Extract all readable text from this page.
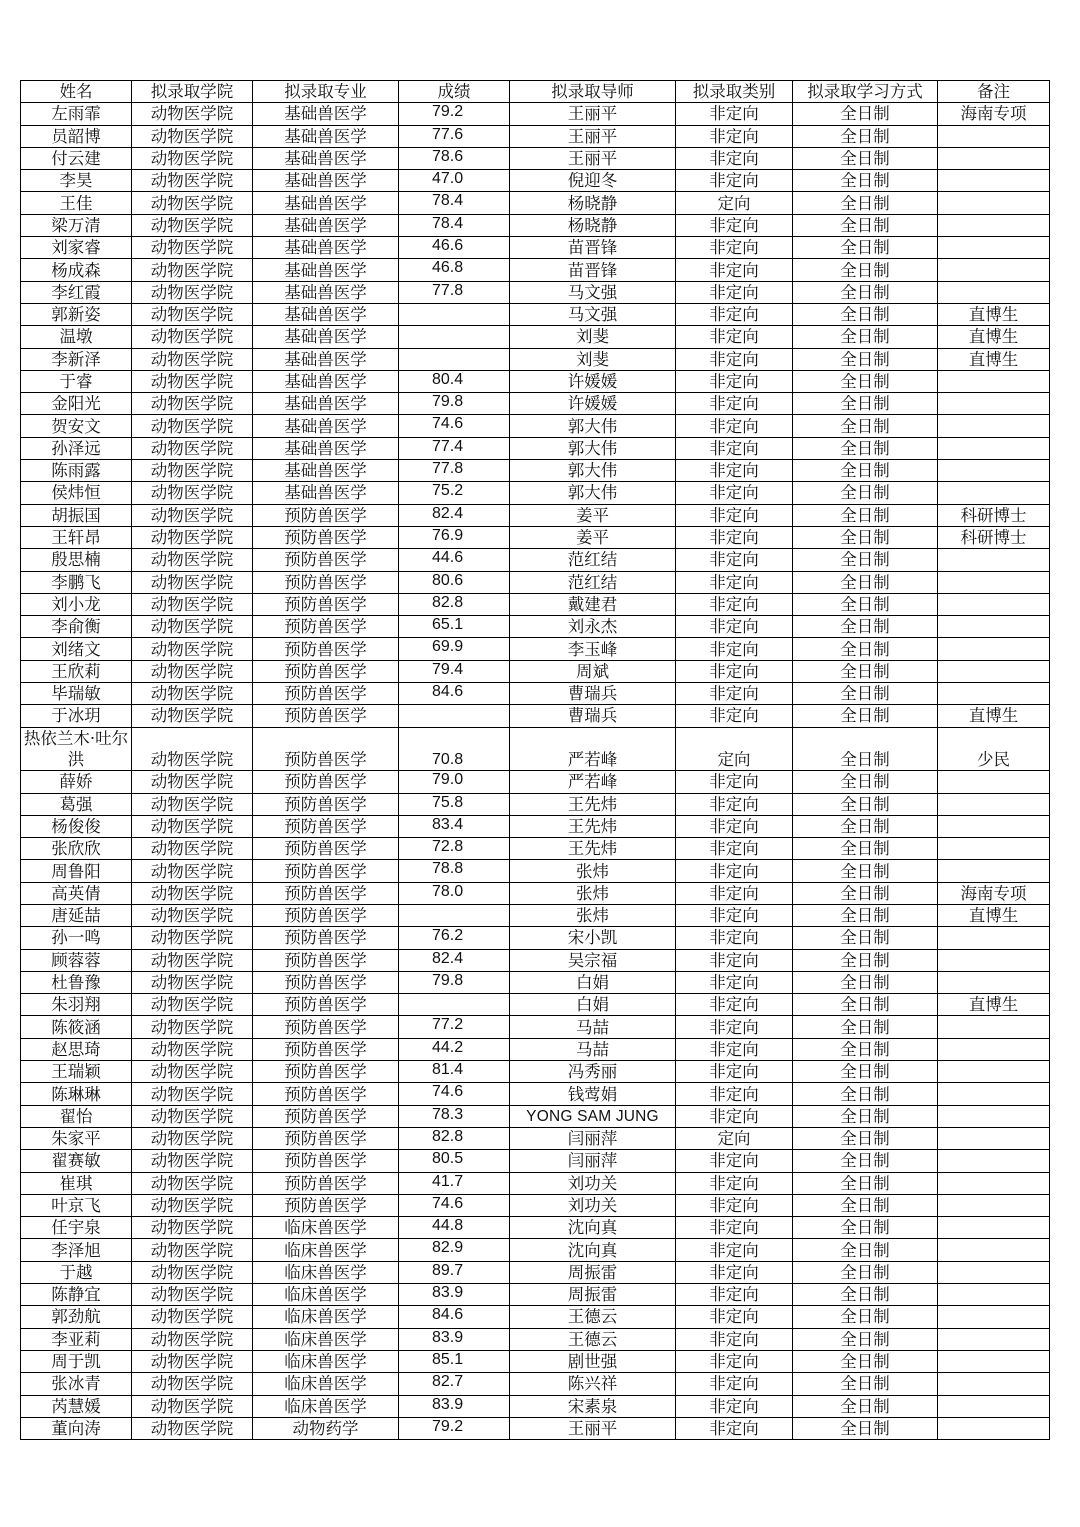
姓名	拟录取学院	拟录取专业	成绩	拟录取导师	拟录取类别	拟录取学习方式	备注
左雨霏	动物医学院	基础兽医学	79.2	王丽平	非定向	全日制	海南专项
员韶博	动物医学院	基础兽医学	77.6	王丽平	非定向	全日制	
付云建	动物医学院	基础兽医学	78.6	王丽平	非定向	全日制	
李昊	动物医学院	基础兽医学	47.0	倪迎冬	非定向	全日制	
王佳	动物医学院	基础兽医学	78.4	杨晓静	定向	全日制	
梁万清	动物医学院	基础兽医学	78.4	杨晓静	非定向	全日制	
刘家睿	动物医学院	基础兽医学	46.6	苗晋锋	非定向	全日制	
杨成森	动物医学院	基础兽医学	46.8	苗晋锋	非定向	全日制	
李红霞	动物医学院	基础兽医学	77.8	马文强	非定向	全日制	
郭新姿	动物医学院	基础兽医学		马文强	非定向	全日制	直博生
温墩	动物医学院	基础兽医学		刘斐	非定向	全日制	直博生
李新泽	动物医学院	基础兽医学		刘斐	非定向	全日制	直博生
于睿	动物医学院	基础兽医学	80.4	许媛媛	非定向	全日制	
金阳光	动物医学院	基础兽医学	79.8	许媛媛	非定向	全日制	
贺安文	动物医学院	基础兽医学	74.6	郭大伟	非定向	全日制	
孙泽远	动物医学院	基础兽医学	77.4	郭大伟	非定向	全日制	
陈雨露	动物医学院	基础兽医学	77.8	郭大伟	非定向	全日制	
侯炜恒	动物医学院	基础兽医学	75.2	郭大伟	非定向	全日制	
胡振国	动物医学院	预防兽医学	82.4	姜平	非定向	全日制	科研博士
王轩昂	动物医学院	预防兽医学	76.9	姜平	非定向	全日制	科研博士
殷思楠	动物医学院	预防兽医学	44.6	范红结	非定向	全日制	
李鹏飞	动物医学院	预防兽医学	80.6	范红结	非定向	全日制	
刘小龙	动物医学院	预防兽医学	82.8	戴建君	非定向	全日制	
李俞衡	动物医学院	预防兽医学	65.1	刘永杰	非定向	全日制	
刘绪文	动物医学院	预防兽医学	69.9	李玉峰	非定向	全日制	
王欣莉	动物医学院	预防兽医学	79.4	周斌	非定向	全日制	
毕瑞敏	动物医学院	预防兽医学	84.6	曹瑞兵	非定向	全日制	
于冰玥	动物医学院	预防兽医学		曹瑞兵	非定向	全日制	直博生
热依兰木·吐尔洪	动物医学院	预防兽医学	70.8	严若峰	定向	全日制	少民
薛娇	动物医学院	预防兽医学	79.0	严若峰	非定向	全日制	
葛强	动物医学院	预防兽医学	75.8	王先炜	非定向	全日制	
杨俊俊	动物医学院	预防兽医学	83.4	王先炜	非定向	全日制	
张欣欣	动物医学院	预防兽医学	72.8	王先炜	非定向	全日制	
周鲁阳	动物医学院	预防兽医学	78.8	张炜	非定向	全日制	
高英倩	动物医学院	预防兽医学	78.0	张炜	非定向	全日制	海南专项
唐延喆	动物医学院	预防兽医学		张炜	非定向	全日制	直博生
孙一鸣	动物医学院	预防兽医学	76.2	宋小凯	非定向	全日制	
顾蓉蓉	动物医学院	预防兽医学	82.4	吴宗福	非定向	全日制	
杜鲁豫	动物医学院	预防兽医学	79.8	白娟	非定向	全日制	
朱羽翔	动物医学院	预防兽医学		白娟	非定向	全日制	直博生
陈筱涵	动物医学院	预防兽医学	77.2	马喆	非定向	全日制	
赵思琦	动物医学院	预防兽医学	44.2	马喆	非定向	全日制	
王瑞颖	动物医学院	预防兽医学	81.4	冯秀丽	非定向	全日制	
陈琳琳	动物医学院	预防兽医学	74.6	钱莺娟	非定向	全日制	
翟怡	动物医学院	预防兽医学	78.3	YONG SAM JUNG	非定向	全日制	
朱家平	动物医学院	预防兽医学	82.8	闫丽萍	定向	全日制	
翟赛敏	动物医学院	预防兽医学	80.5	闫丽萍	非定向	全日制	
崔琪	动物医学院	预防兽医学	41.7	刘功关	非定向	全日制	
叶京飞	动物医学院	预防兽医学	74.6	刘功关	非定向	全日制	
任宇泉	动物医学院	临床兽医学	44.8	沈向真	非定向	全日制	
李泽旭	动物医学院	临床兽医学	82.9	沈向真	非定向	全日制	
于越	动物医学院	临床兽医学	89.7	周振雷	非定向	全日制	
陈静宜	动物医学院	临床兽医学	83.9	周振雷	非定向	全日制	
郭劲航	动物医学院	临床兽医学	84.6	王德云	非定向	全日制	
李亚莉	动物医学院	临床兽医学	83.9	王德云	非定向	全日制	
周于凯	动物医学院	临床兽医学	85.1	剧世强	非定向	全日制	
张冰青	动物医学院	临床兽医学	82.7	陈兴祥	非定向	全日制	
芮慧媛	动物医学院	临床兽医学	83.9	宋素泉	非定向	全日制	
董向涛	动物医学院	动物药学	79.2	王丽平	非定向	全日制	
